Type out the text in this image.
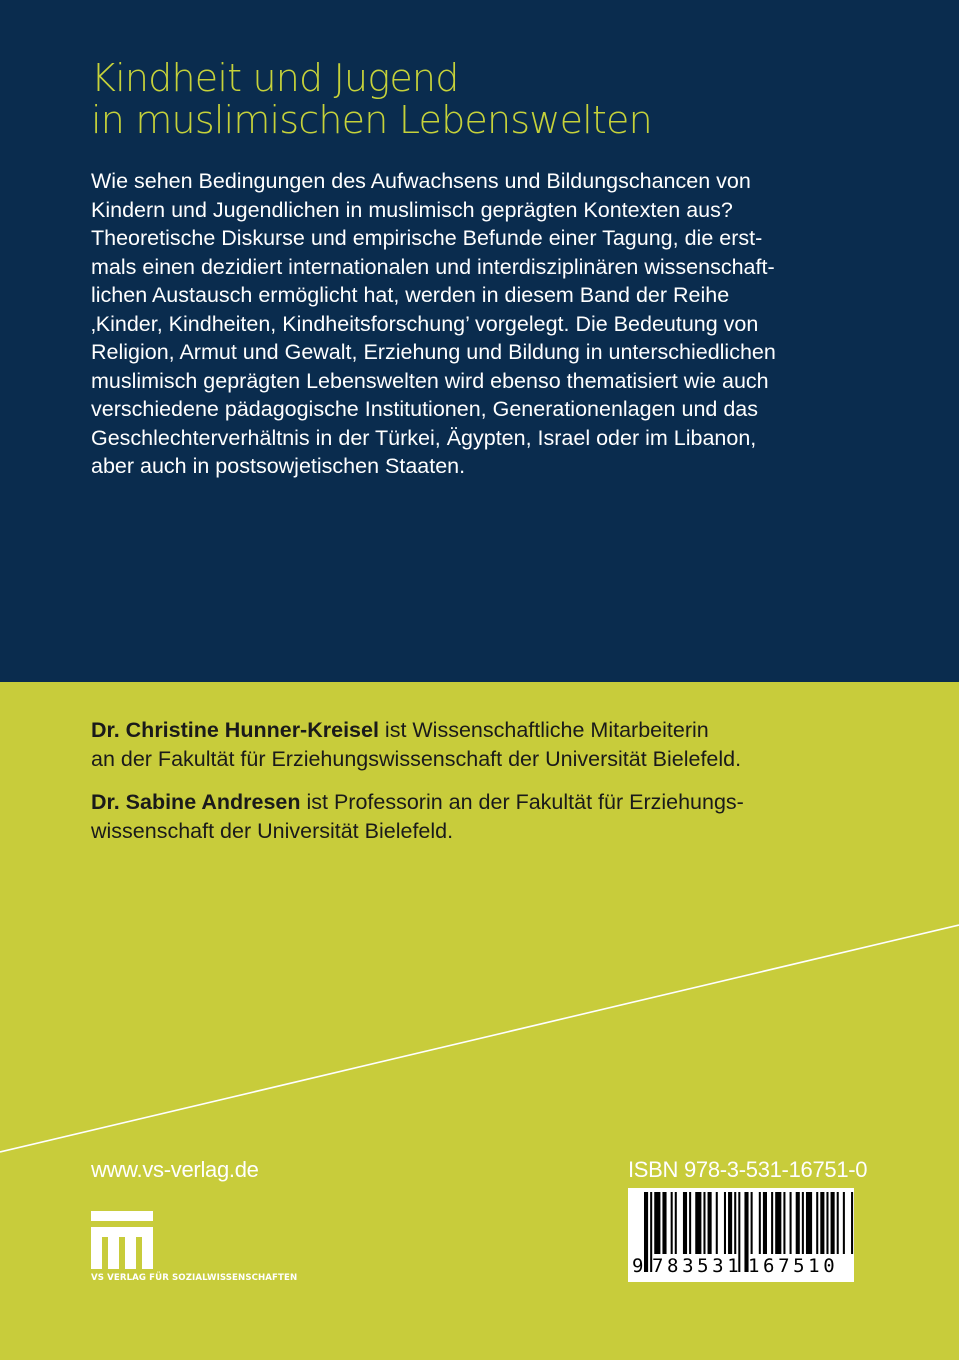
Kindheit und Jugend
in muslimischen Lebenswelten

Wie sehen Bedingungen des Aufwachsens und Bildungschancen von
Kindern und Jugendlichen in muslimisch geprägten Kontexten aus?
Theoretische Diskurse und empirische Befunde einer Tagung, die erst-
mals einen dezidiert internationalen und interdisziplinären wissenschaft-
lichen Austausch ermöglicht hat, werden in diesem Band der Reihe
‚Kinder, Kindheiten, Kindheitsforschung’ vorgelegt. Die Bedeutung von
Religion, Armut und Gewalt, Erziehung und Bildung in unterschiedlichen
muslimisch geprägten Lebenswelten wird ebenso thematisiert wie auch
verschiedene pädagogische Institutionen, Generationenlagen und das
Geschlechterverhältnis in der Türkei, Ägypten, Israel oder im Libanon,
aber auch in postsowjetischen Staaten.

Dr. Christine Hunner-Kreisel ist Wissenschaftliche Mitarbeiterin
an der Fakultät für Erziehungswissenschaft der Universität Bielefeld.

Dr. Sabine Andresen ist Professorin an der Fakultät für Erziehungs-
wissenschaft der Universität Bielefeld.

www.vs-verlag.de
VS VERLAG FÜR SOZIALWISSENSCHAFTEN
ISBN 978-3-531-16751-0
9 783531 167510
